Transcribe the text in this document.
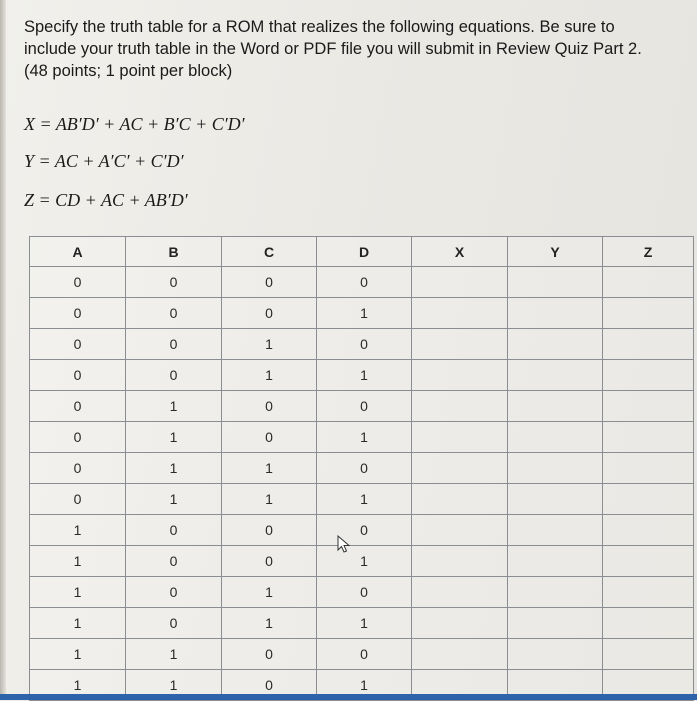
Specify the truth table for a ROM that realizes the following equations. Be sure to
include your truth table in the Word or PDF file you will submit in Review Quiz Part 2.
(48 points; 1 point per block)
X = AB′D′ + AC + B′C + C′D′
Y = AC + A′C′ + C′D′
Z = CD + AC + AB′D′
A	B	C	D	X	Y	Z
0	0	0	0			
0	0	0	1			
0	0	1	0			
0	0	1	1			
0	1	0	0			
0	1	0	1			
0	1	1	0			
0	1	1	1			
1	0	0	0			
1	0	0	1			
1	0	1	0			
1	0	1	1			
1	1	0	0			
1	1	0	1			
